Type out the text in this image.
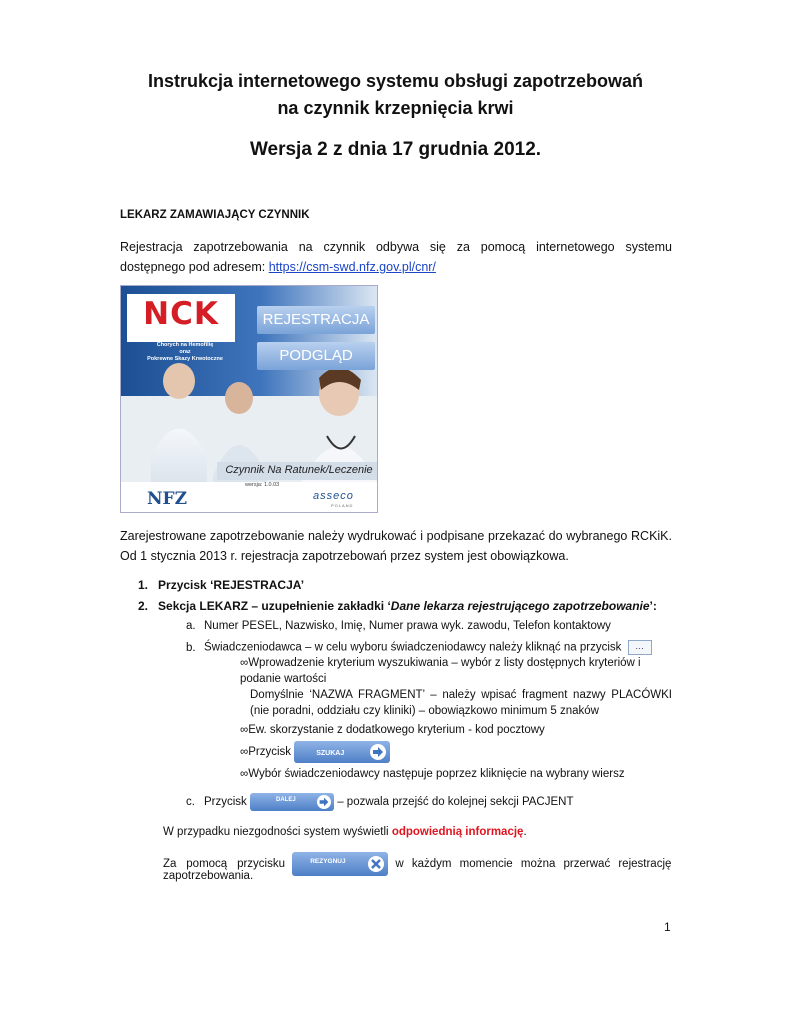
Instrukcja internetowego systemu obsługi zapotrzebowań
na czynnik krzepnięcia krwi
Wersja 2 z dnia 17 grudnia 2012.
LEKARZ ZAMAWIAJĄCY CZYNNIK
Rejestracja zapotrzebowania na czynnik odbywa się za pomocą internetowego systemu dostępnego pod adresem: https://csm-swd.nfz.gov.pl/cnr/
NCK
Narodowy Program Leczenia
Chorych na Hemofilię
oraz
Pokrewne Skazy Krwotoczne
REJESTRACJA
PODGLĄD
Czynnik Na Ratunek/Leczenie
wersja: 1.0.03
NFZ	asseco
POLAND
Zarejestrowane zapotrzebowanie należy wydrukować i podpisane przekazać do wybranego RCKiK. Od 1 stycznia 2013 r. rejestracja zapotrzebowań przez system jest obowiązkowa.
1. Przycisk ‘REJESTRACJA’
2. Sekcja LEKARZ – uzupełnienie zakładki ‘Dane lekarza rejestrującego zapotrzebowanie’:
a. Numer PESEL, Nazwisko, Imię, Numer prawa wyk. zawodu, Telefon kontaktowy
b. Świadczeniodawca – w celu wyboru świadczeniodawcy należy kliknąć na przycisk …
∞Wprowadzenie kryterium wyszukiwania – wybór z listy dostępnych kryteriów i podanie wartości
Domyślnie ‘NAZWA FRAGMENT’ – należy wpisać fragment nazwy PLACÓWKI (nie poradni, oddziału czy kliniki) – obowiązkowo minimum 5 znaków
∞Ew. skorzystanie z dodatkowego kryterium - kod pocztowy
∞Przycisk	SZUKAJ
∞Wybór świadczeniodawcy następuje poprzez kliknięcie na wybrany wiersz
c. Przycisk	DALEJ	– pozwala przejść do kolejnej sekcji PACJENT
W przypadku niezgodności system wyświetli odpowiednią informację.
Za pomocą przycisku	REZYGNUJ	w każdym momencie można przerwać rejestrację
zapotrzebowania.
1
